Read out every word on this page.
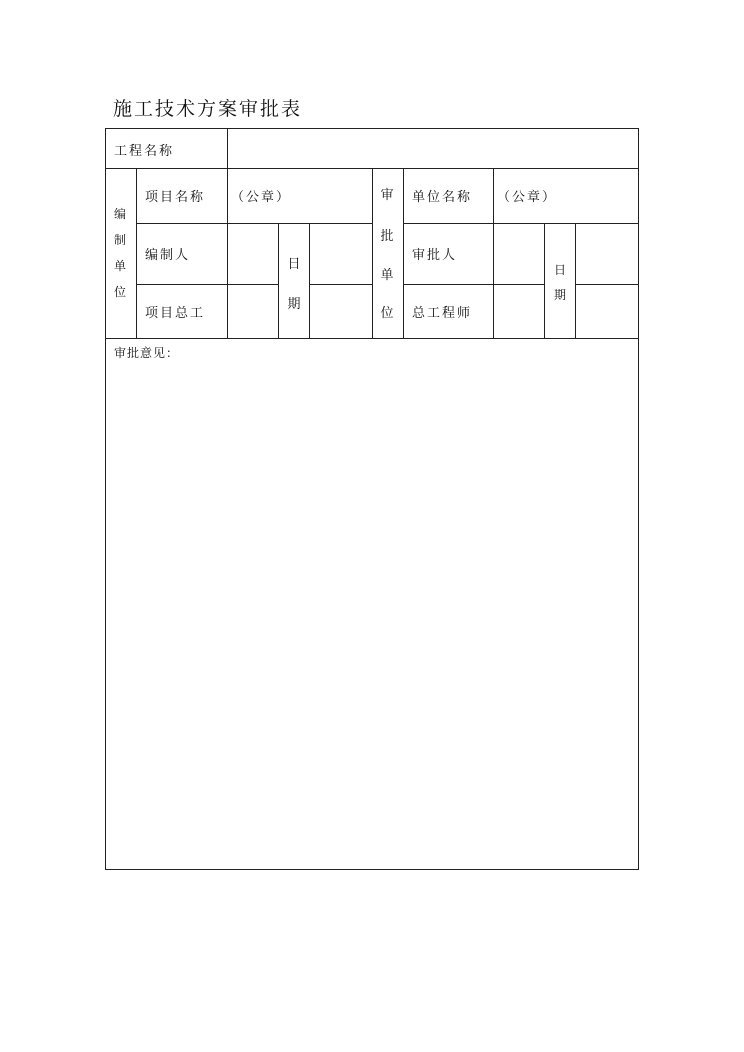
施工技术方案审批表
工程名称
编
制
单
位
项目名称 （公章）
编制人
项目总工
日
期
审
批
单
位
单位名称 （公章）
审批人
总工程师
日
期
审批意见：
